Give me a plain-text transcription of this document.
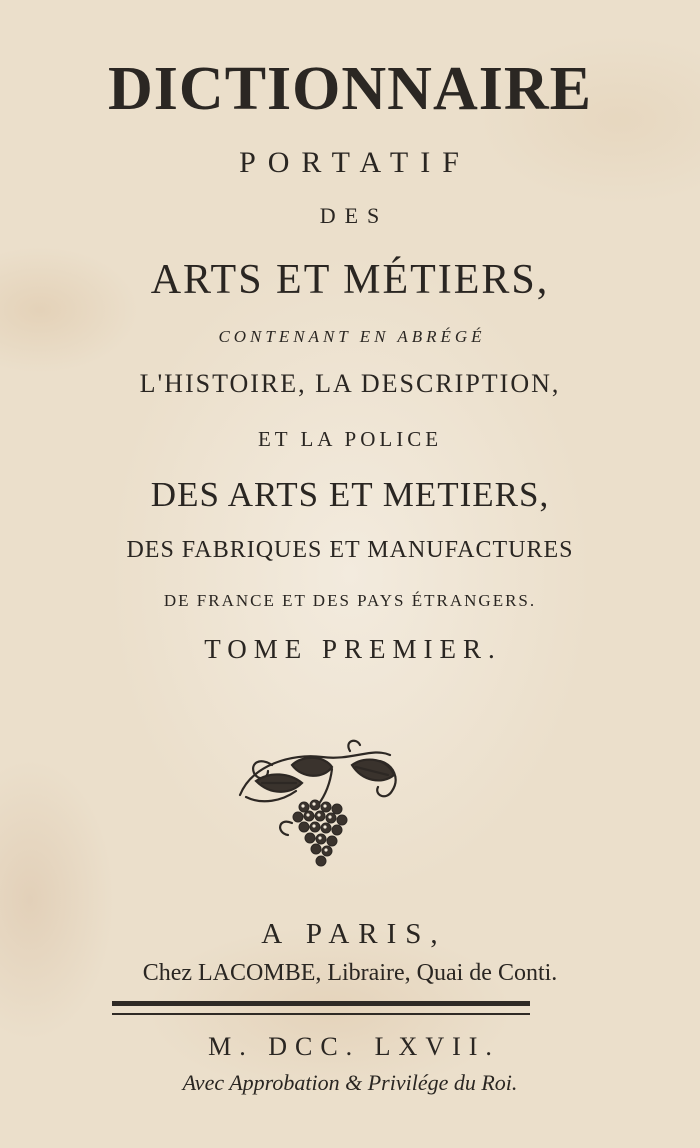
DICTIONNAIRE
PORTATIF
DES
ARTS ET MÉTIERS,
CONTENANT EN ABRÉGÉ
L'HISTOIRE, LA DESCRIPTION,
ET LA POLICE
DES ARTS ET METIERS,
DES FABRIQUES ET MANUFACTURES
DE FRANCE ET DES PAYS ÉTRANGERS.
TOME PREMIER.
A PARIS,
Chez LACOMBE, Libraire, Quai de Conti.
M. DCC. LXVII.
Avec Approbation & Privilége du Roi.
